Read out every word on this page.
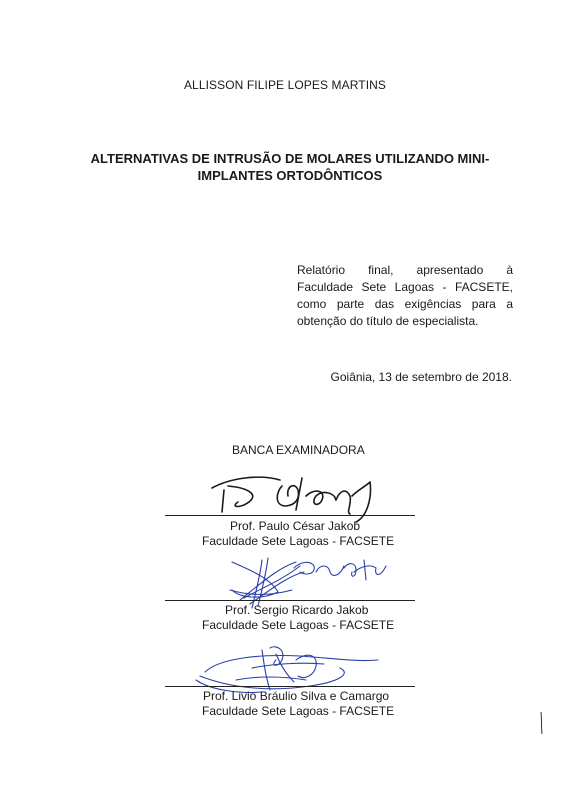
ALLISSON FILIPE LOPES MARTINS
ALTERNATIVAS DE INTRUSÃO DE MOLARES UTILIZANDO MINI-
IMPLANTES ORTODÔNTICOS
Relatório final, apresentado à Faculdade Sete Lagoas - FACSETE, como parte das exigências para a obtenção do título de especialista.
Goiânia, 13 de setembro de 2018.
BANCA EXAMINADORA
Prof. Paulo César Jakob
Faculdade Sete Lagoas - FACSETE
Prof. Sergio Ricardo Jakob
Faculdade Sete Lagoas - FACSETE
Prof. Livio Bráulio Silva e Camargo
Faculdade Sete Lagoas - FACSETE
